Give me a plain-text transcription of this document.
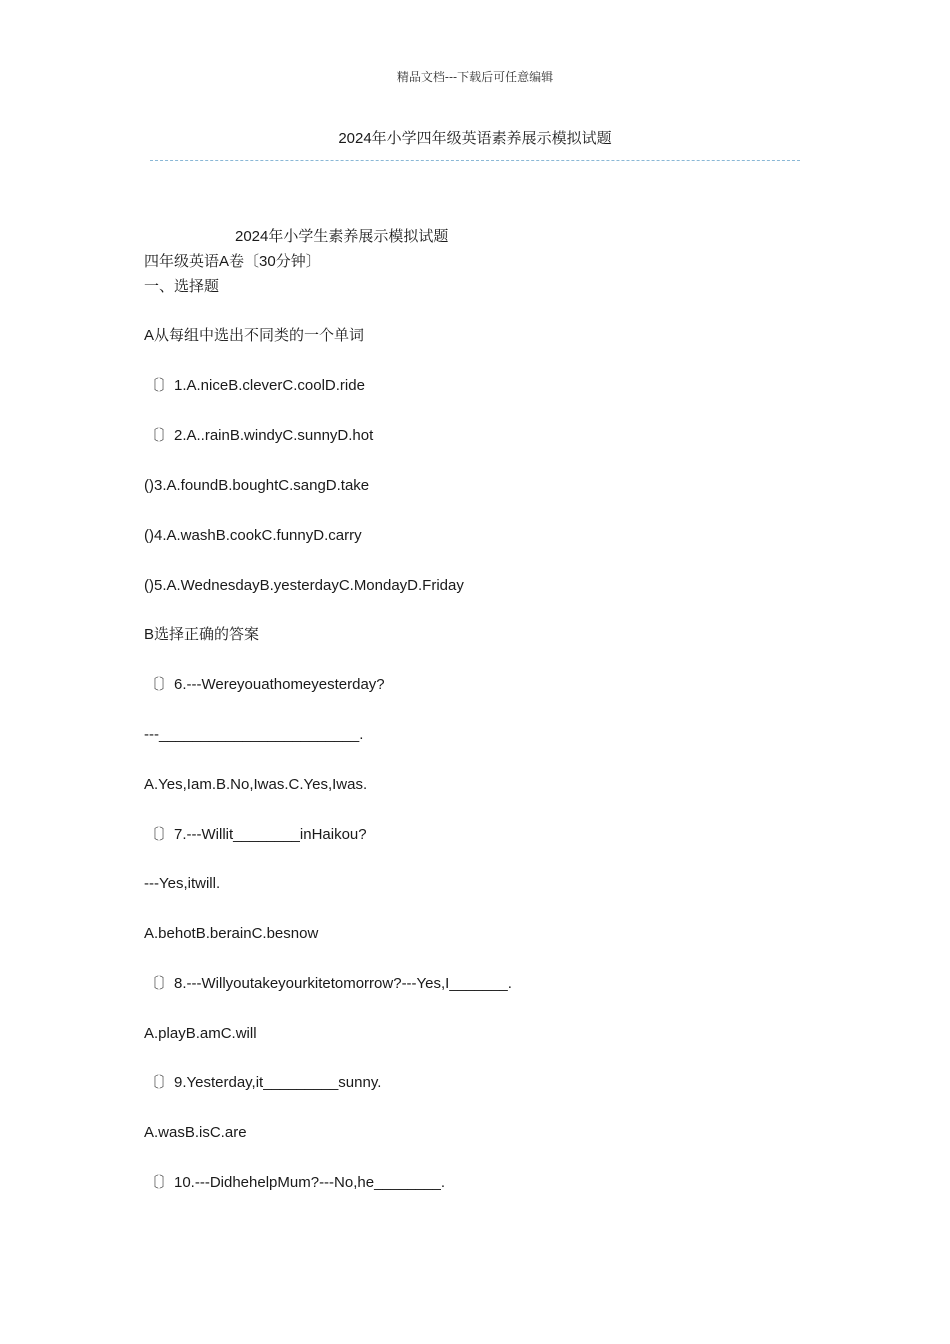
精品文档---下载后可任意编辑
2024年小学四年级英语素养展示模拟试题
2024年小学生素养展示模拟试题
四年级英语A卷〔30分钟〕
一、选择题
A从每组中选出不同类的一个单词
〔〕1.A.niceB.cleverC.coolD.ride
〔〕2.A..rainB.windyC.sunnyD.hot
()3.A.foundB.boughtC.sangD.take
()4.A.washB.cookC.funnyD.carry
()5.A.WednesdayB.yesterdayC.MondayD.Friday
B选择正确的答案
〔〕6.---Wereyouathomeyesterday?
---________________________.
A.Yes,Iam.B.No,Iwas.C.Yes,Iwas.
〔〕7.---Willit________inHaikou?
---Yes,itwill.
A.behotB.berainC.besnow
〔〕8.---Willyoutakeyourkitetomorrow?---Yes,I_______.
A.playB.amC.will
〔〕9.Yesterday,it_________sunny.
A.wasB.isC.are
〔〕10.---DidhehelpMum?---No,he________.
